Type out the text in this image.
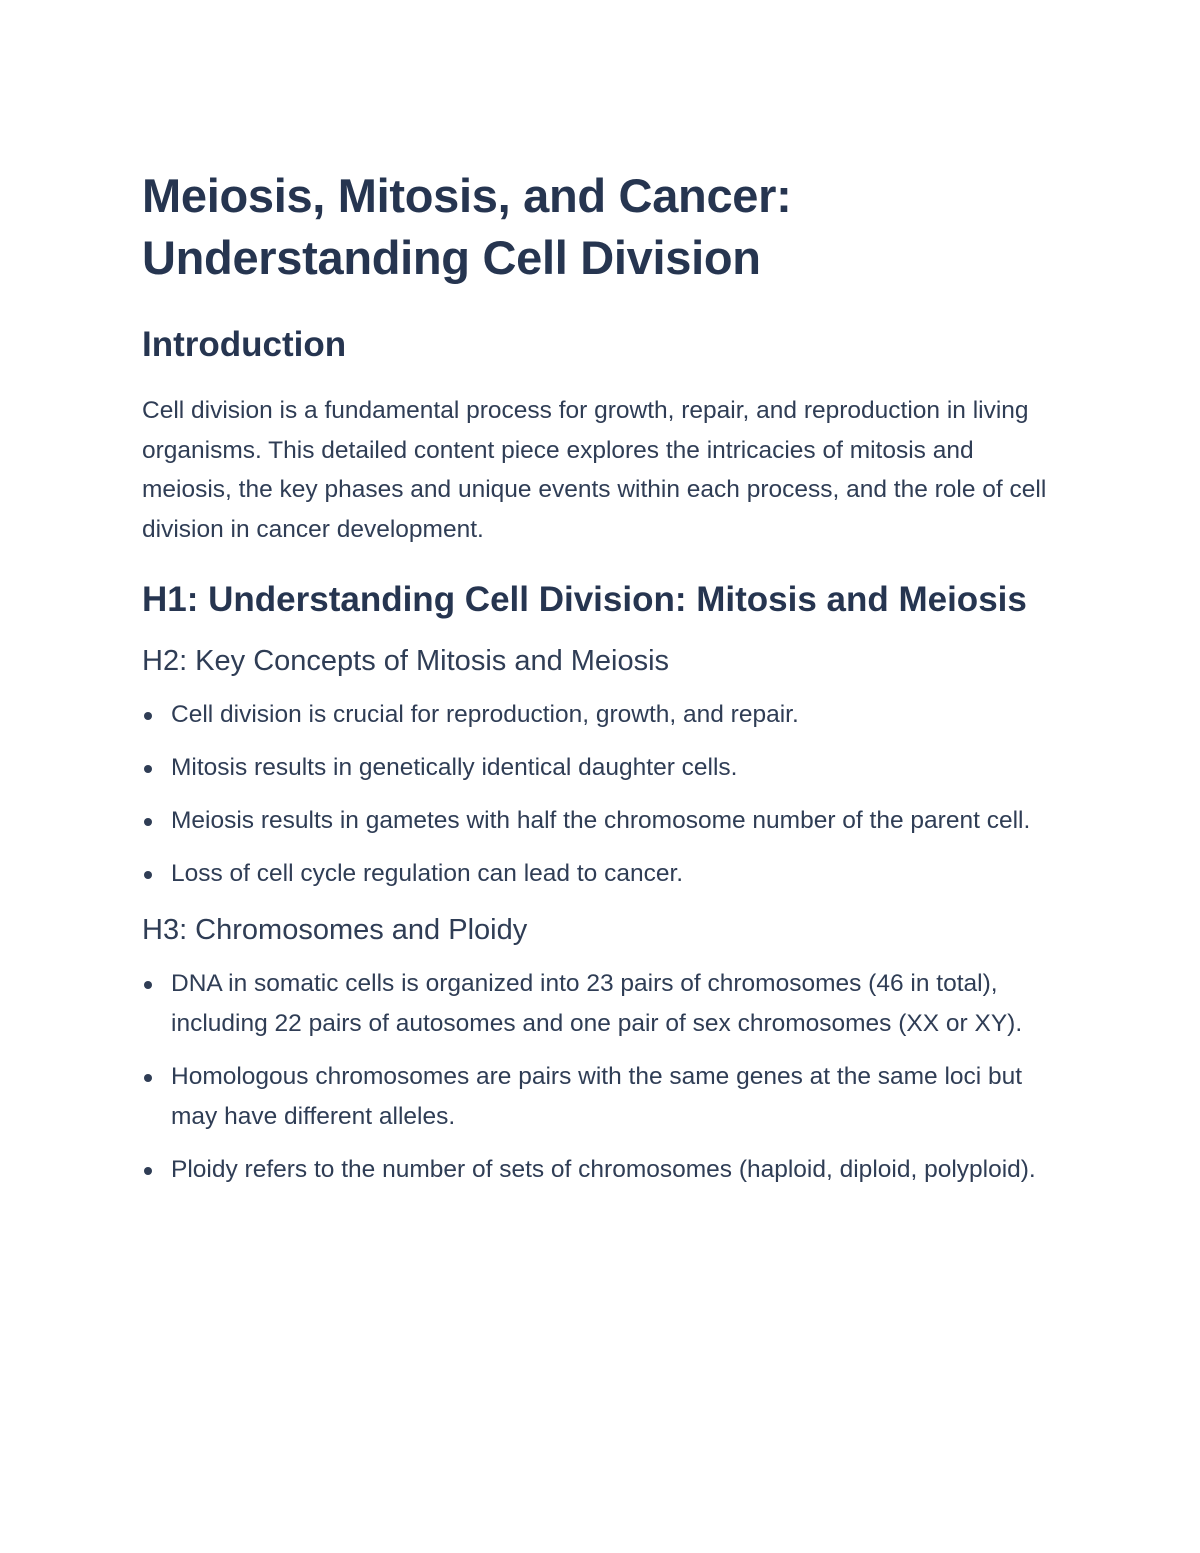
Meiosis, Mitosis, and Cancer:
Understanding Cell Division
Introduction

Cell division is a fundamental process for growth, repair, and reproduction in living organisms. This detailed content piece explores the intricacies of mitosis and meiosis, the key phases and unique events within each process, and the role of cell division in cancer development.

H1: Understanding Cell Division: Mitosis and Meiosis
H2: Key Concepts of Mitosis and Meiosis
Cell division is crucial for reproduction, growth, and repair.
Mitosis results in genetically identical daughter cells.
Meiosis results in gametes with half the chromosome number of the parent cell.
Loss of cell cycle regulation can lead to cancer.
H3: Chromosomes and Ploidy
DNA in somatic cells is organized into 23 pairs of chromosomes (46 in total), including 22 pairs of autosomes and one pair of sex chromosomes (XX or XY).
Homologous chromosomes are pairs with the same genes at the same loci but may have different alleles.
Ploidy refers to the number of sets of chromosomes (haploid, diploid, polyploid).
